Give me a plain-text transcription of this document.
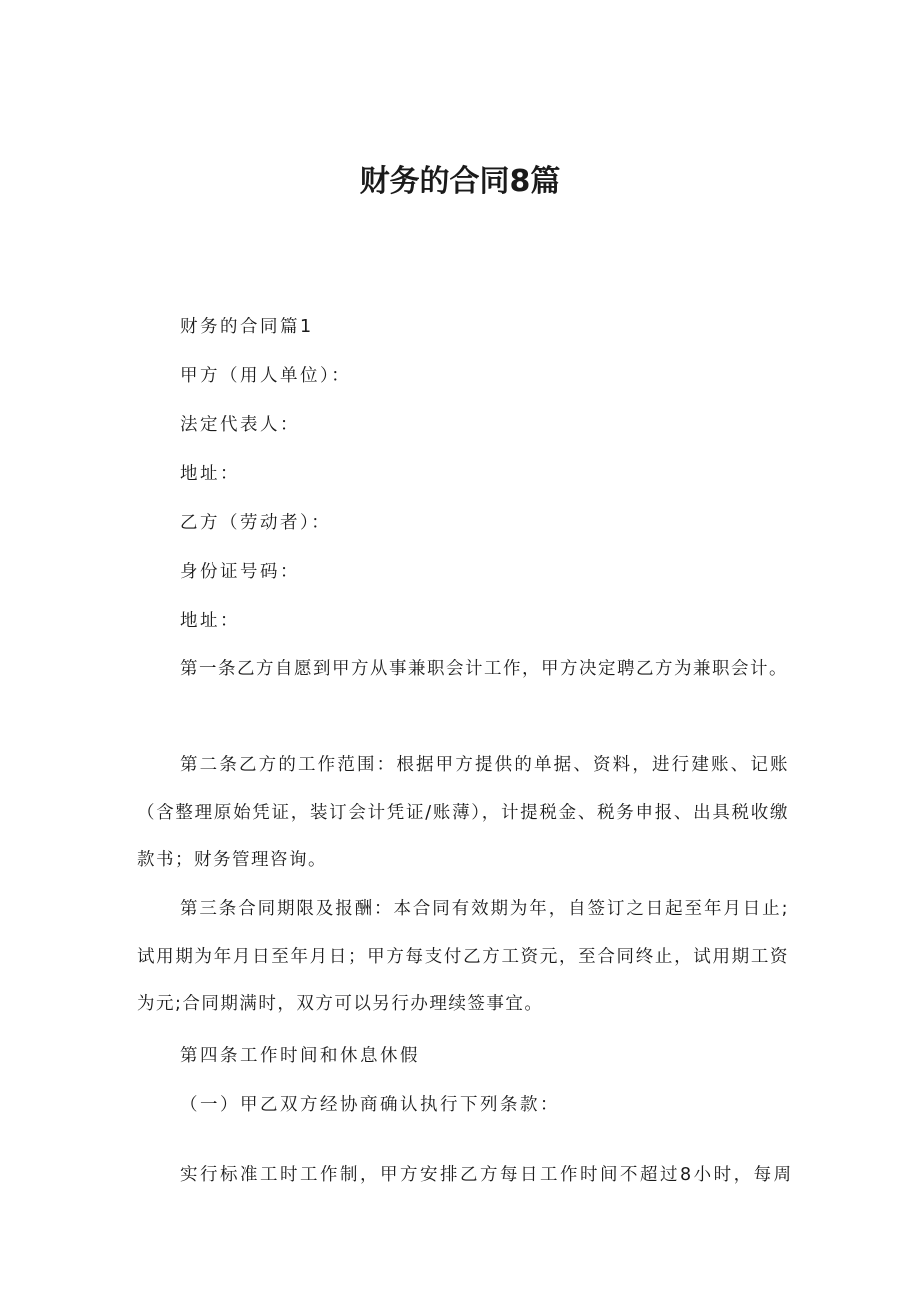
财务的合同8篇
财务的合同篇1
甲方（用人单位）：
法定代表人：
地址：
乙方（劳动者）：
身份证号码：
地址：
第一条乙方自愿到甲方从事兼职会计工作，甲方决定聘乙方为兼职会计。
第二条乙方的工作范围：根据甲方提供的单据、资料，进行建账、记账（含整理原始凭证，装订会计凭证/账薄），计提税金、税务申报、出具税收缴款书；财务管理咨询。
第三条合同期限及报酬：本合同有效期为年，自签订之日起至年月日止;试用期为年月日至年月日；甲方每支付乙方工资元，至合同终止，试用期工资为元;合同期满时，双方可以另行办理续签事宜。
第四条工作时间和休息休假
（一）甲乙双方经协商确认执行下列条款：
实行标准工时工作制，甲方安排乙方每日工作时间不超过8小时，每周
